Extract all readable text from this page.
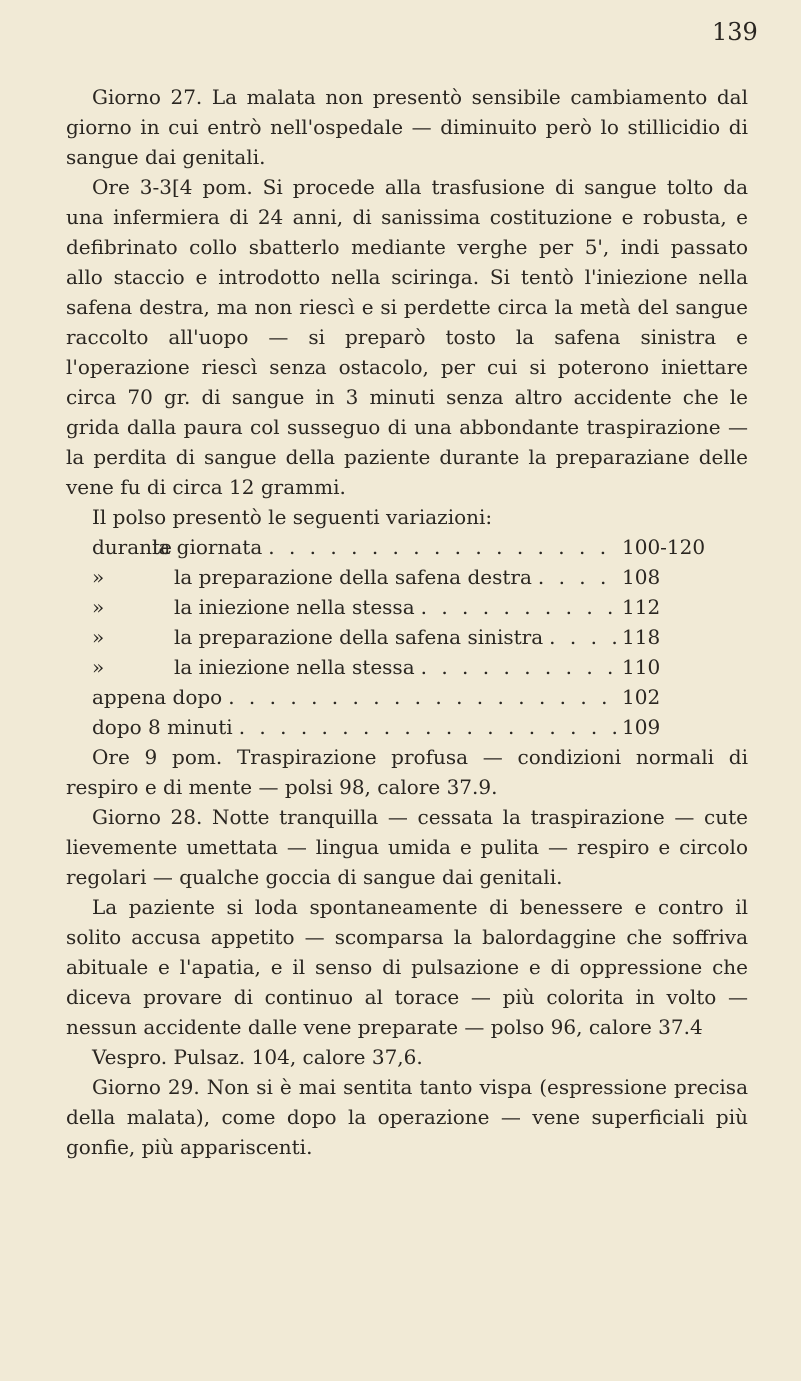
139

Giorno 27. La malata non presentò sensibile cambiamento dal giorno in cui entrò nell'ospedale — diminuito però lo stillicidio di sangue dai genitali.

Ore 3-3[4 pom. Si procede alla trasfusione di sangue tolto da una infermiera di 24 anni, di sanissima costituzione e robusta, e defibrinato collo sbatterlo mediante verghe per 5', indi passato allo staccio e introdotto nella sciringa. Si tentò l'iniezione nella safena destra, ma non riescì e si perdette circa la metà del sangue raccolto all'uopo — si preparò tosto la safena sinistra e l'operazione riescì senza ostacolo, per cui si poterono iniettare circa 70 gr. di sangue in 3 minuti senza altro accidente che le grida dalla paura col susseguo di una abbondante traspirazione — la perdita di sangue della paziente durante la preparaziane delle vene fu di circa 12 grammi.

Il polso presentò le seguenti variazioni:

durante
la giornata . . .	100-120
»	la preparazione della safena destra . . .	108
»	la iniezione nella stessa . . .	112
»	la preparazione della safena sinistra . . .	118
»	la iniezione nella stessa . . .	110
appena dopo . . .	102
dopo 8 minuti . . .	109

Ore 9 pom. Traspirazione profusa — condizioni normali di respiro e di mente — polsi 98, calore 37.9.

Giorno 28. Notte tranquilla — cessata la traspirazione — cute lievemente umettata — lingua umida e pulita — respiro e circolo regolari — qualche goccia di sangue dai genitali.

La paziente si loda spontaneamente di benessere e contro il solito accusa appetito — scomparsa la balordaggine che soffriva abituale e l'apatia, e il senso di pulsazione e di oppressione che diceva provare di continuo al torace — più colorita in volto — nessun accidente dalle vene preparate — polso 96, calore 37.4

Vespro. Pulsaz. 104, calore 37,6.

Giorno 29. Non si è mai sentita tanto vispa (espressione precisa della malata), come dopo la operazione — vene superficiali più gonfie, più appariscenti.
